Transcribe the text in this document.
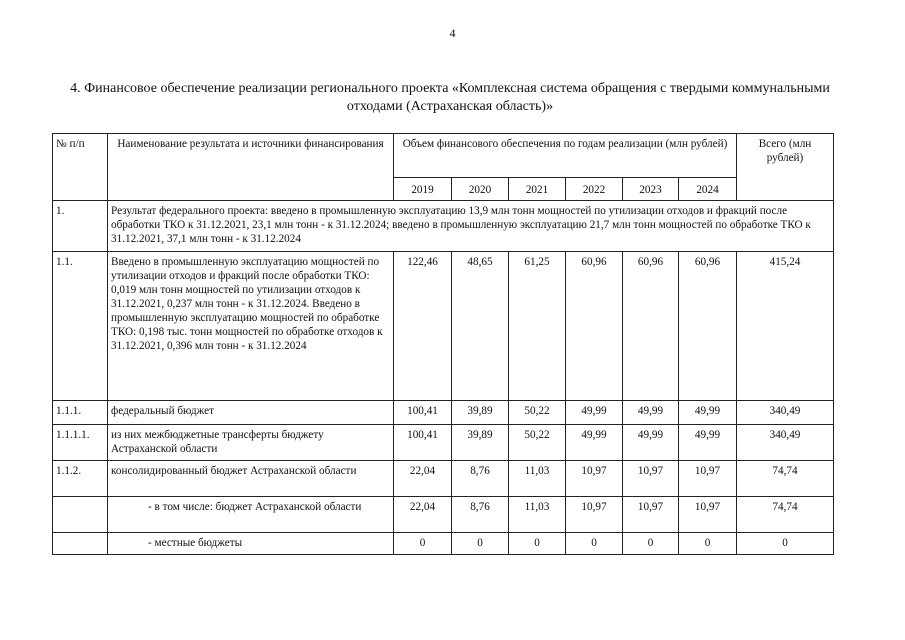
4
4. Финансовое обеспечение реализации регионального проекта «Комплексная система обращения с твердыми коммунальными отходами (Астраханская область)»
№ п/п	Наименование результата и источники финансирования	Объем финансового обеспечения по годам реализации (млн рублей)						Всего (млн рублей)
		2019	2020	2021	2022	2023	2024	
1.	Результат федерального проекта: введено в промышленную эксплуатацию 13,9 млн тонн мощностей по утилизации отходов и фракций после обработки ТКО к 31.12.2021, 23,1 млн тонн - к 31.12.2024; введено в промышленную эксплуатацию 21,7 млн тонн мощностей по обработке ТКО к 31.12.2021, 37,1 млн тонн - к 31.12.2024							
1.1.	Введено в промышленную эксплуатацию мощностей по утилизации отходов и фракций после обработки ТКО: 0,019 млн тонн мощностей по утилизации отходов к 31.12.2021, 0,237 млн тонн - к 31.12.2024. Введено в промышленную эксплуатацию мощностей по обработке ТКО: 0,198 тыс. тонн мощностей по обработке отходов к 31.12.2021, 0,396 млн тонн - к 31.12.2024	122,46	48,65	61,25	60,96	60,96	60,96	415,24
1.1.1.	федеральный бюджет	100,41	39,89	50,22	49,99	49,99	49,99	340,49
1.1.1.1.	из них межбюджетные трансферты бюджету Астраханской области	100,41	39,89	50,22	49,99	49,99	49,99	340,49
1.1.2.	консолидированный бюджет Астраханской области	22,04	8,76	11,03	10,97	10,97	10,97	74,74
	- в том числе: бюджет Астраханской области	22,04	8,76	11,03	10,97	10,97	10,97	74,74
	- местные бюджеты	0	0	0	0	0	0	0
